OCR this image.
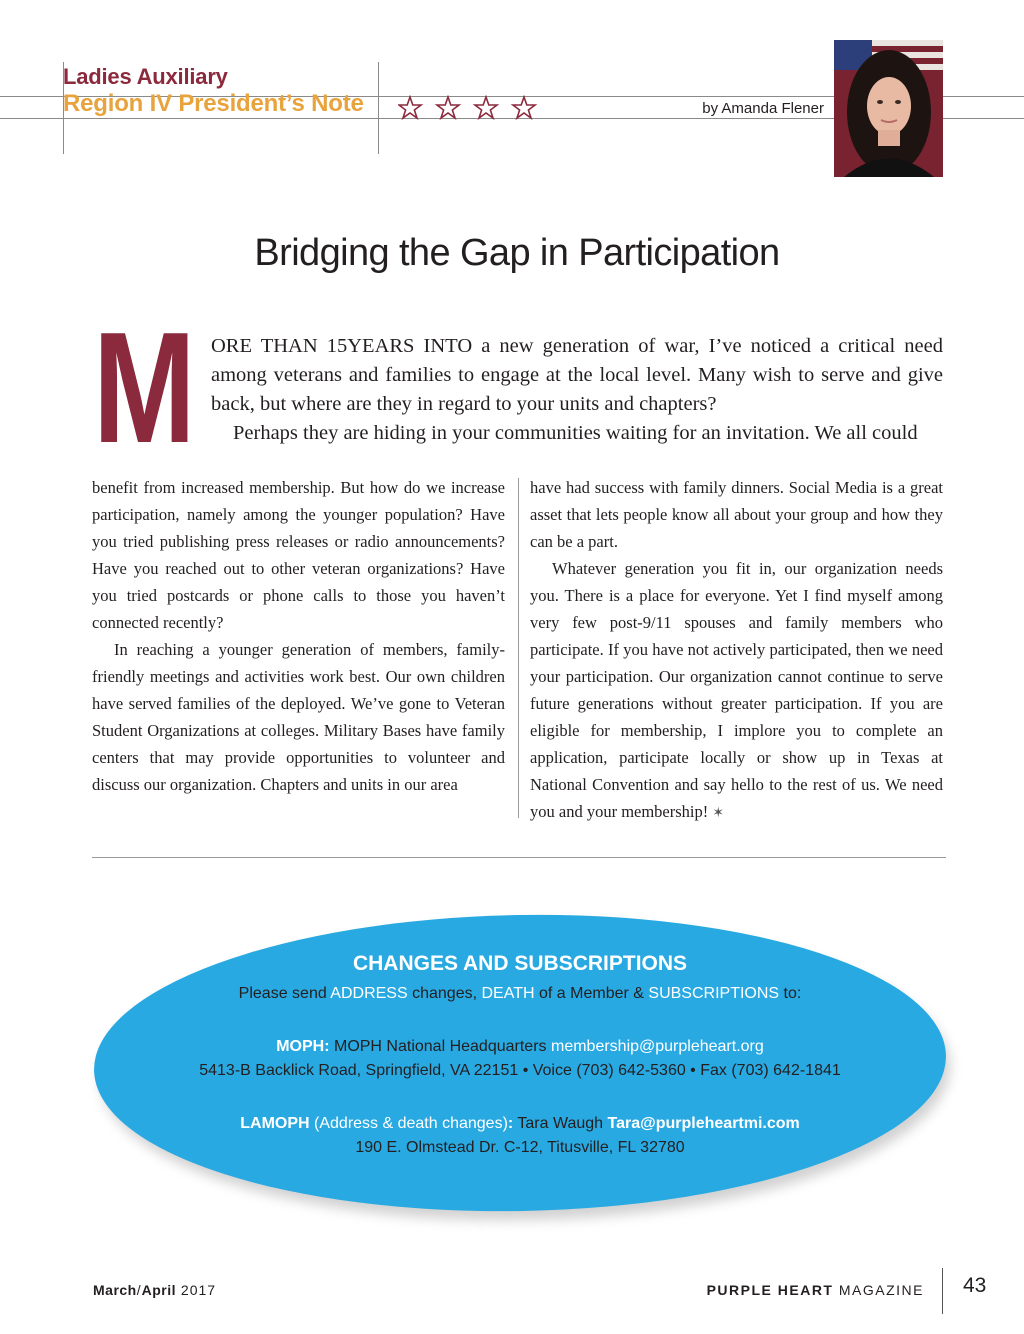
Ladies Auxiliary
Region IV President’s Note	by Amanda Flener
Bridging the Gap in Participation
M ORE THAN 15YEARS INTO a new generation of war, I’ve noticed a critical need among veterans and families to engage at the local level. Many wish to serve and give back, but where are they in regard to your units and chapters?

Perhaps they are hiding in your communities waiting for an invitation. We all could

benefit from increased membership. But how do we increase participation, namely among the younger population? Have you tried publishing press releases or radio announcements? Have you reached out to other veteran organizations? Have you tried postcards or phone calls to those you haven’t connected recently?

In reaching a younger generation of members, family-friendly meetings and activities work best. Our own children have served families of the deployed. We’ve gone to Veteran Student Organizations at colleges. Military Bases have family centers that may provide opportunities to volunteer and discuss our organization. Chapters and units in our area

have had success with family dinners. Social Media is a great asset that lets people know all about your group and how they can be a part.

Whatever generation you fit in, our organization needs you. There is a place for everyone. Yet I find myself among very few post-9/11 spouses and family members who participate. If you have not actively participated, then we need your participation. Our organization cannot continue to serve future generations without greater participation. If you are eligible for membership, I implore you to complete an application, participate locally or show up in Texas at National Convention and say hello to the rest of us. We need you and your membership! ✶

CHANGES AND SUBSCRIPTIONS
Please send ADDRESS changes, DEATH of a Member & SUBSCRIPTIONS to:
MOPH: MOPH National Headquarters membership@purpleheart.org
5413-B Backlick Road, Springfield, VA 22151 • Voice (703) 642-5360 • Fax (703) 642-1841
LAMOPH (Address & death changes): Tara Waugh Tara@purpleheartmi.com
190 E. Olmstead Dr. C-12, Titusville, FL 32780
March/April 2017	PURPLE HEART MAGAZINE 43
